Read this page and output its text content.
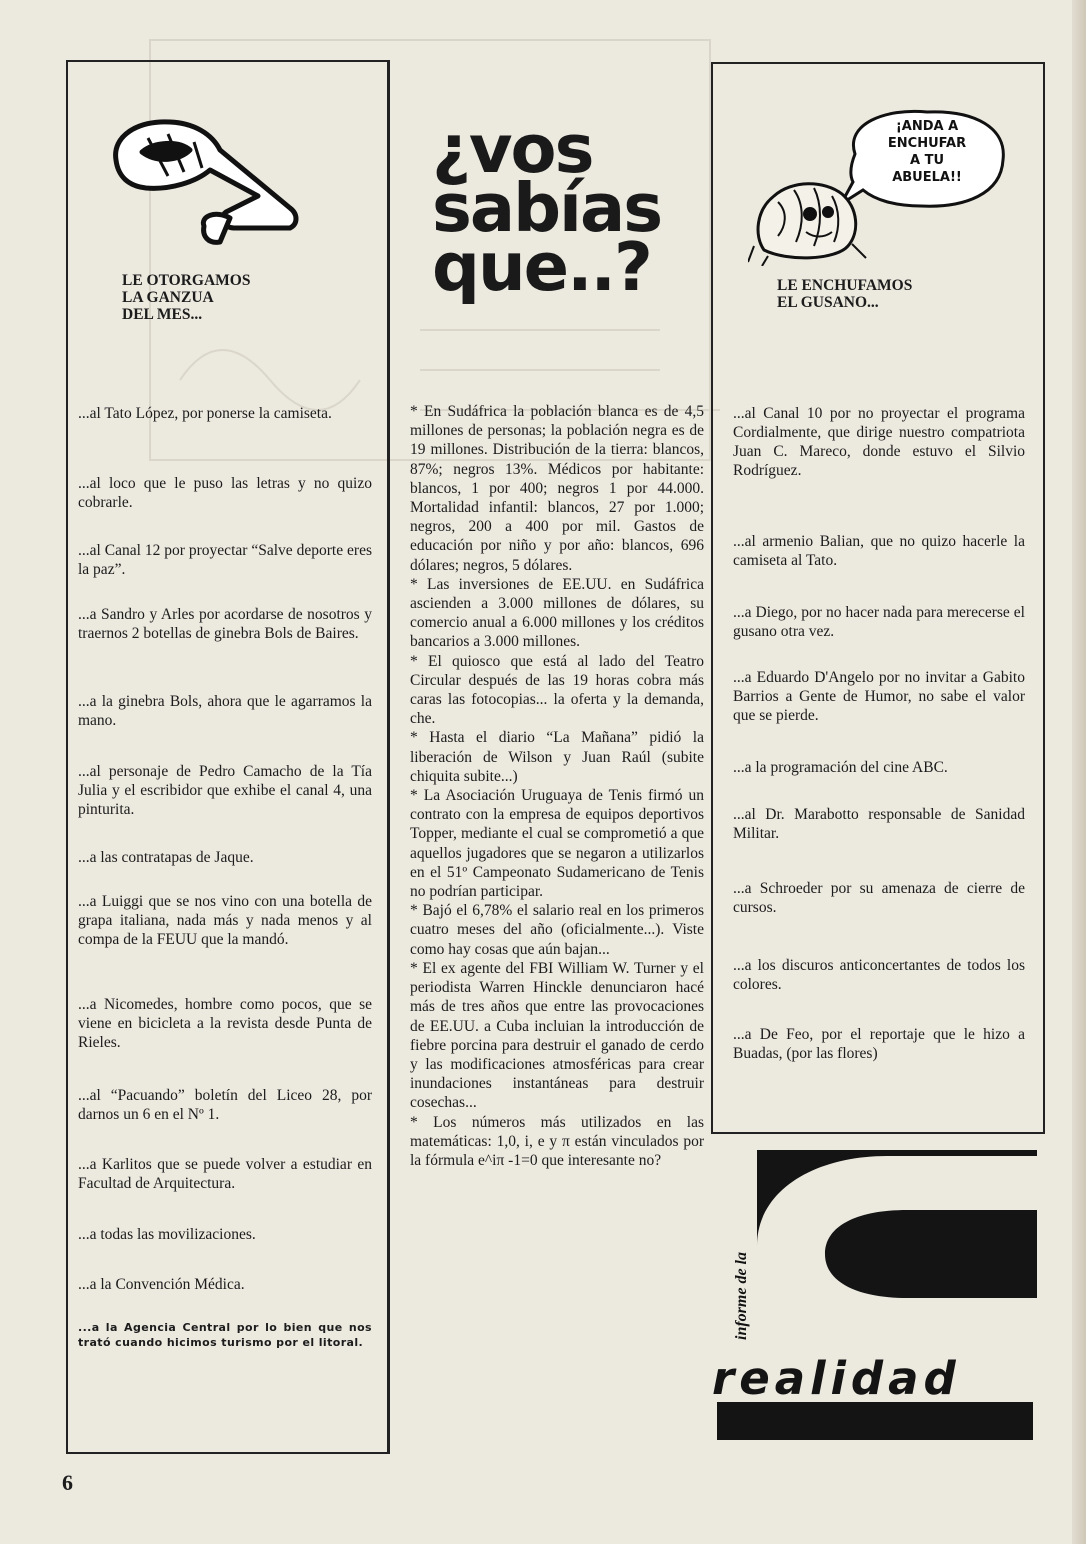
LE OTORGAMOS
LA GANZUA
DEL MES...

...al Tato López, por ponerse la camiseta.

...al loco que le puso las letras y no quizo cobrarle.

...al Canal 12 por proyectar “Salve deporte eres la paz”.

...a Sandro y Arles por acordarse de nosotros y traernos 2 botellas de ginebra Bols de Baires.

...a la ginebra Bols, ahora que le agarramos la mano.

...al personaje de Pedro Camacho de la Tía Julia y el escribidor que exhibe el canal 4, una pinturita.

...a las contratapas de Jaque.

...a Luiggi que se nos vino con una botella de grapa italiana, nada más y nada menos y al compa de la FEUU que la mandó.

...a Nicomedes, hombre como pocos, que se viene en bicicleta a la revista desde Punta de Rieles.

...al “Pacuando” boletín del Liceo 28, por darnos un 6 en el Nº 1.

...a Karlitos que se puede volver a estudiar en Facultad de Arquitectura.

...a todas las movilizaciones.

...a la Convención Médica.

...a la Agencia Central por lo bien que nos trató cuando hicimos turismo por el litoral.

¿vos
sabías
que..?

* En Sudáfrica la población blanca es de 4,5 millones de personas; la población negra es de 19 millones. Distribución de la tierra: blancos, 87%; negros 13%. Médicos por habitante: blancos, 1 por 400; negros 1 por 44.000. Mortalidad infantil: blancos, 27 por 1.000; negros, 200 a 400 por mil. Gastos de educación por niño y por año: blancos, 696 dólares; negros, 5 dólares.

* Las inversiones de EE.UU. en Sudáfrica ascienden a 3.000 millones de dólares, su comercio anual a 6.000 millones y los créditos bancarios a 3.000 millones.

* El quiosco que está al lado del Teatro Circular después de las 19 horas cobra más caras las fotocopias... la oferta y la demanda, che.

* Hasta el diario “La Mañana” pidió la liberación de Wilson y Juan Raúl (subite chiquita subite...)

* La Asociación Uruguaya de Tenis firmó un contrato con la empresa de equipos deportivos Topper, mediante el cual se comprometió a que aquellos jugadores que se negaron a utilizarlos en el 51º Campeonato Sudamericano de Tenis no podrían participar.

* Bajó el 6,78% el salario real en los primeros cuatro meses del año (oficialmente...). Viste como hay cosas que aún bajan...

* El ex agente del FBI William W. Turner y el periodista Warren Hinckle denunciaron hacé más de tres años que entre las provocaciones de EE.UU. a Cuba incluian la introducción de fiebre porcina para destruir el ganado de cerdo y las modificaciones atmosféricas para crear inundaciones instantáneas para destruir cosechas...

* Los números más utilizados en las matemáticas: 1,0, i, e y π están vinculados por la fórmula e^iπ -1=0 que interesante no?

¡ANDA A
ENCHUFAR
A TU
ABUELA!!
LE ENCHUFAMOS
EL GUSANO...

...al Canal 10 por no proyectar el programa Cordialmente, que dirige nuestro compatriota Juan C. Mareco, donde estuvo el Silvio Rodríguez.

...al armenio Balian, que no quizo hacerle la camiseta al Tato.

...a Diego, por no hacer nada para merecerse el gusano otra vez.

...a Eduardo D'Angelo por no invitar a Gabito Barrios a Gente de Humor, no sabe el valor que se pierde.

...a la programación del cine ABC.

...al Dr. Marabotto responsable de Sanidad Militar.

...a Schroeder por su amenaza de cierre de cursos.

...a los discuros anticoncertantes de todos los colores.

...a De Feo, por el reportaje que le hizo a Buadas, (por las flores)

informe de la
realidad
6
